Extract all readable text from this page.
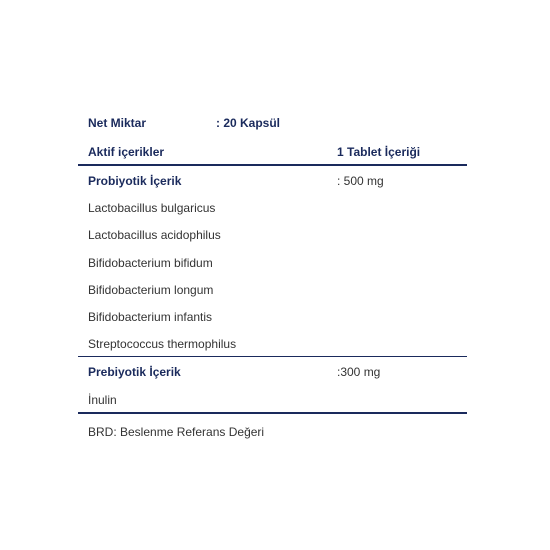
Net Miktar	: 20 Kapsül
Aktif içerikler	1 Tablet İçeriği
Probiyotik İçerik	: 500 mg
Lactobacillus bulgaricus
Lactobacillus acidophilus
Bifidobacterium bifidum
Bifidobacterium longum
Bifidobacterium infantis
Streptococcus thermophilus
Prebiyotik İçerik	:300 mg
İnulin
BRD: Beslenme Referans Değeri
